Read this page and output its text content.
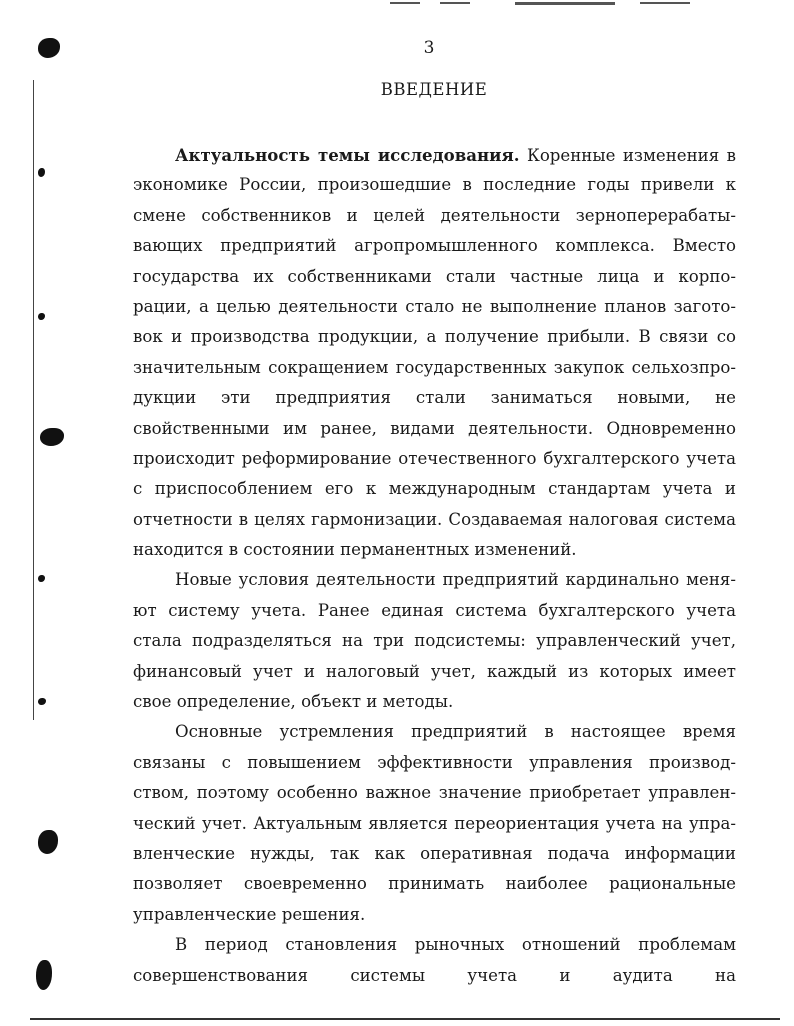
3
ВВЕДЕНИЕ
Актуальность темы исследования. Коренные изменения в
экономике России, произошедшие в последние годы привели к
смене собственников и целей деятельности зерноперерабаты-
вающих предприятий агропромышленного комплекса. Вместо
государства их собственниками стали частные лица и корпо-
рации, а целью деятельности стало не выполнение планов загото-
вок и производства продукции, а получение прибыли. В связи со
значительным сокращением государственных закупок сельхозпро-
дукции эти предприятия стали заниматься новыми, не
свойственными им ранее, видами деятельности. Одновременно
происходит реформирование отечественного бухгалтерского учета
с приспособлением его к международным стандартам учета и
отчетности в целях гармонизации. Создаваемая налоговая система
находится в состоянии перманентных изменений.
Новые условия деятельности предприятий кардинально меня-
ют систему учета. Ранее единая система бухгалтерского учета
стала подразделяться на три подсистемы: управленческий учет,
финансовый учет и налоговый учет, каждый из которых имеет
свое определение, объект и методы.
Основные устремления предприятий в настоящее время
связаны с повышением эффективности управления производ-
ством, поэтому особенно важное значение приобретает управлен-
ческий учет. Актуальным является переориентация учета на упра-
вленческие нужды, так как оперативная подача информации
позволяет своевременно принимать наиболее рациональные
управленческие решения.
В период становления рыночных отношений проблемам
совершенствования системы учета и аудита на
